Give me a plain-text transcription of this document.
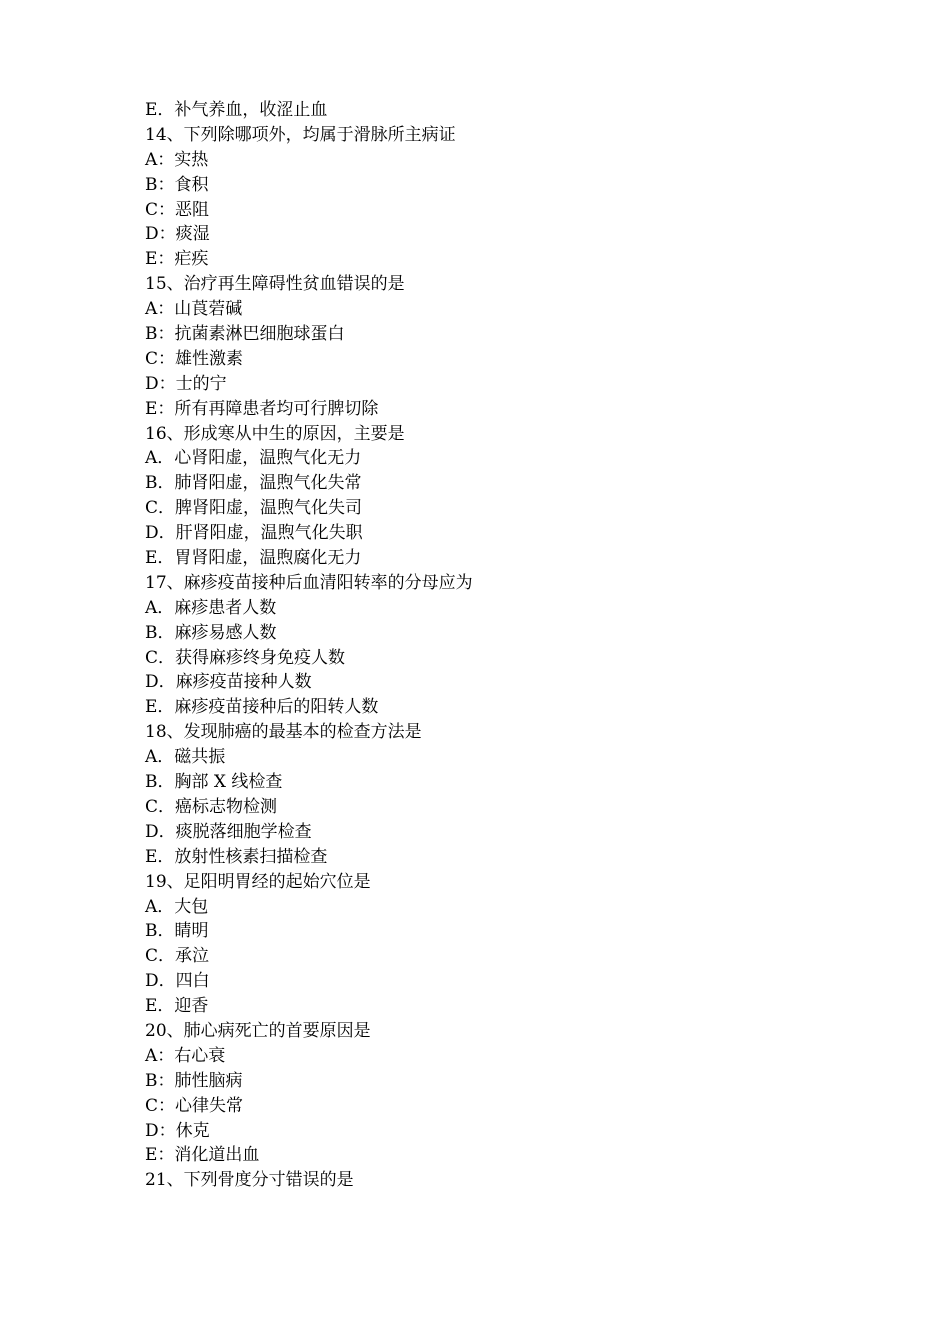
E．补气养血，收涩止血
14、下列除哪项外，均属于滑脉所主病证
A：实热
B：食积
C：恶阻
D：痰湿
E：疟疾
15、治疗再生障碍性贫血错误的是
A：山莨菪碱
B：抗菌素淋巴细胞球蛋白
C：雄性激素
D：士的宁
E：所有再障患者均可行脾切除
16、形成寒从中生的原因，主要是
A．心肾阳虚，温煦气化无力
B．肺肾阳虚，温煦气化失常
C．脾肾阳虚，温煦气化失司
D．肝肾阳虚，温煦气化失职
E．胃肾阳虚，温煦腐化无力
17、麻疹疫苗接种后血清阳转率的分母应为
A．麻疹患者人数
B．麻疹易感人数
C．获得麻疹终身免疫人数
D．麻疹疫苗接种人数
E．麻疹疫苗接种后的阳转人数
18、发现肺癌的最基本的检查方法是
A．磁共振
B．胸部 X 线检查
C．癌标志物检测
D．痰脱落细胞学检查
E．放射性核素扫描检查
19、足阳明胃经的起始穴位是
A．大包
B．睛明
C．承泣
D．四白
E．迎香
20、肺心病死亡的首要原因是
A：右心衰
B：肺性脑病
C：心律失常
D：休克
E：消化道出血
21、下列骨度分寸错误的是
